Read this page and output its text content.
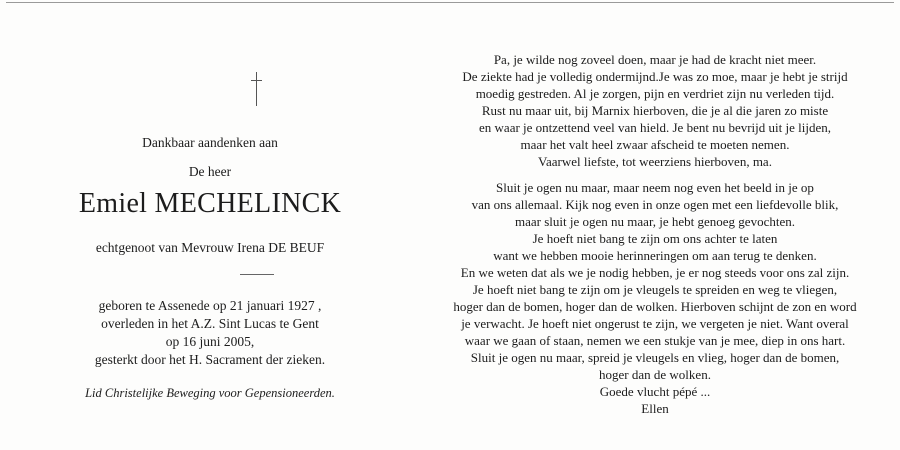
Dankbaar aandenken aan
De heer
Emiel MECHELINCK
echtgenoot van Mevrouw Irena DE BEUF
geboren te Assenede op 21 januari 1927 ,
overleden in het A.Z. Sint Lucas te Gent
op 16 juni 2005,
gesterkt door het H. Sacrament der zieken.
Lid Christelijke Beweging voor Gepensioneerden.
Pa, je wilde nog zoveel doen, maar je had de kracht niet meer.
De ziekte had je volledig ondermijnd.Je was zo moe, maar je hebt je strijd
moedig gestreden. Al je zorgen, pijn en verdriet zijn nu verleden tijd.
Rust nu maar uit, bij Marnix hierboven, die je al die jaren zo miste
en waar je ontzettend veel van hield. Je bent nu bevrijd uit je lijden,
maar het valt heel zwaar afscheid te moeten nemen.
Vaarwel liefste, tot weerziens hierboven, ma.
Sluit je ogen nu maar, maar neem nog even het beeld in je op
van ons allemaal. Kijk nog even in onze ogen met een liefdevolle blik,
maar sluit je ogen nu maar, je hebt genoeg gevochten.
Je hoeft niet bang te zijn om ons achter te laten
want we hebben mooie herinneringen om aan terug te denken.
En we weten dat als we je nodig hebben, je er nog steeds voor ons zal zijn.
Je hoeft niet bang te zijn om je vleugels te spreiden en weg te vliegen,
hoger dan de bomen, hoger dan de wolken. Hierboven schijnt de zon en word
je verwacht. Je hoeft niet ongerust te zijn, we vergeten je niet. Want overal
waar we gaan of staan, nemen we een stukje van je mee, diep in ons hart.
Sluit je ogen nu maar, spreid je vleugels en vlieg, hoger dan de bomen,
hoger dan de wolken.
Goede vlucht pépé ...
Ellen
